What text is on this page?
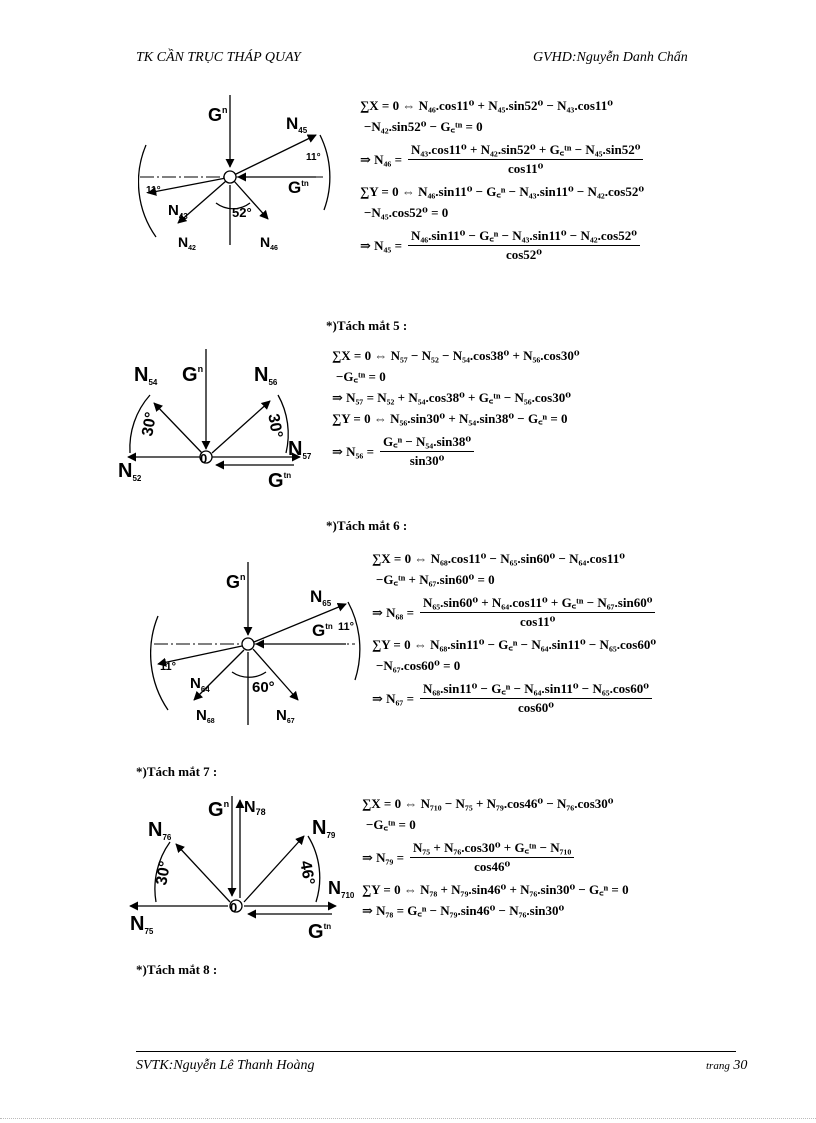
TK CẦN TRỤC THÁP QUAY	GVHD:Nguyễn Danh Chấn
$G^n$
$N_{45}$
$G^{tn}$
$N_{43}$
$N_{42}$	$N_{46}$
11°
11°
52°
∑X = 0 ⇔ N₄₆.cos11⁰ + N₄₅.sin52⁰ − N₄₃.cos11⁰
−N₄₂.sin52⁰ − G꜀ᵗⁿ = 0
⇒ $N_{46} = \frac{\text{N₄₃.cos11⁰ + N₄₂.sin52⁰ + G꜀ᵗⁿ − N₄₅.sin52⁰}}{\text{cos11⁰}}$
∑Y = 0 ⇔ N₄₆.sin11⁰ − G꜀ⁿ − N₄₃.sin11⁰ − N₄₂.cos52⁰
−N₄₅.cos52⁰ = 0
⇒ $N_{45} = \frac{\text{N₄₆.sin11⁰ − G꜀ⁿ − N₄₃.sin11⁰ − N₄₂.cos52⁰}}{\text{cos52⁰}}$
*)Tách mắt 5 :
$N_{54}$ $G^n$	$N_{56}$
$N_{57}$
$N_{52}$	$G^{tn}$
30°	30°
0
∑X = 0 ⇔ N₅₇ − N₅₂ − N₅₄.cos38⁰ + N₅₆.cos30⁰
−G꜀ᵗⁿ = 0
⇒ N₅₇ = N₅₂ + N₅₄.cos38⁰ + G꜀ᵗⁿ − N₅₆.cos30⁰
∑Y = 0 ⇔ N₅₆.sin30⁰ + N₅₄.sin38⁰ − G꜀ⁿ = 0
⇒ $N_{56} = \frac{\text{G꜀ⁿ − N₅₄.sin38⁰}}{\text{sin30⁰}}$
*)Tách mắt 6 :
$G^n$
$N_{65}$
$G^{tn}$
$N_{64}$
$N_{68}$	$N_{67}$
11°
11°
60°
∑X = 0 ⇔ N₆₈.cos11⁰ − N₆₅.sin60⁰ − N₆₄.cos11⁰
−G꜀ᵗⁿ + N₆₇.sin60⁰ = 0
⇒ $N_{68} = \frac{\text{N₆₅.sin60⁰ + N₆₄.cos11⁰ + G꜀ᵗⁿ − N₆₇.sin60⁰}}{\text{cos11⁰}}$
∑Y = 0 ⇔ N₆₈.sin11⁰ − G꜀ⁿ − N₆₄.sin11⁰ − N₆₅.cos60⁰
−N₆₇.cos60⁰ = 0
⇒ $N_{67} = \frac{\text{N₆₈.sin11⁰ − G꜀ⁿ − N₆₄.sin11⁰ − N₆₅.cos60⁰}}{\text{cos60⁰}}$
*)Tách mắt 7 :
$G^n$ N78
$N_{76}$	$N_{79}$
$N_{710}$
$N_{75}$	$G^{tn}$
30°	46°
0
∑X = 0 ⇔ N₇₁₀ − N₇₅ + N₇₉.cos46⁰ − N₇₆.cos30⁰
−G꜀ᵗⁿ = 0
⇒ $N_{79} = \frac{\text{N₇₅ + N₇₆.cos30⁰ + G꜀ᵗⁿ − N₇₁₀}}{\text{cos46⁰}}$
∑Y = 0 ⇔ N₇₈ + N₇₉.sin46⁰ + N₇₆.sin30⁰ − G꜀ⁿ = 0
⇒ N₇₈ = G꜀ⁿ − N₇₉.sin46⁰ − N₇₆.sin30⁰
*)Tách mắt 8 :
SVTK:Nguyễn Lê Thanh Hoàng	trang 30
